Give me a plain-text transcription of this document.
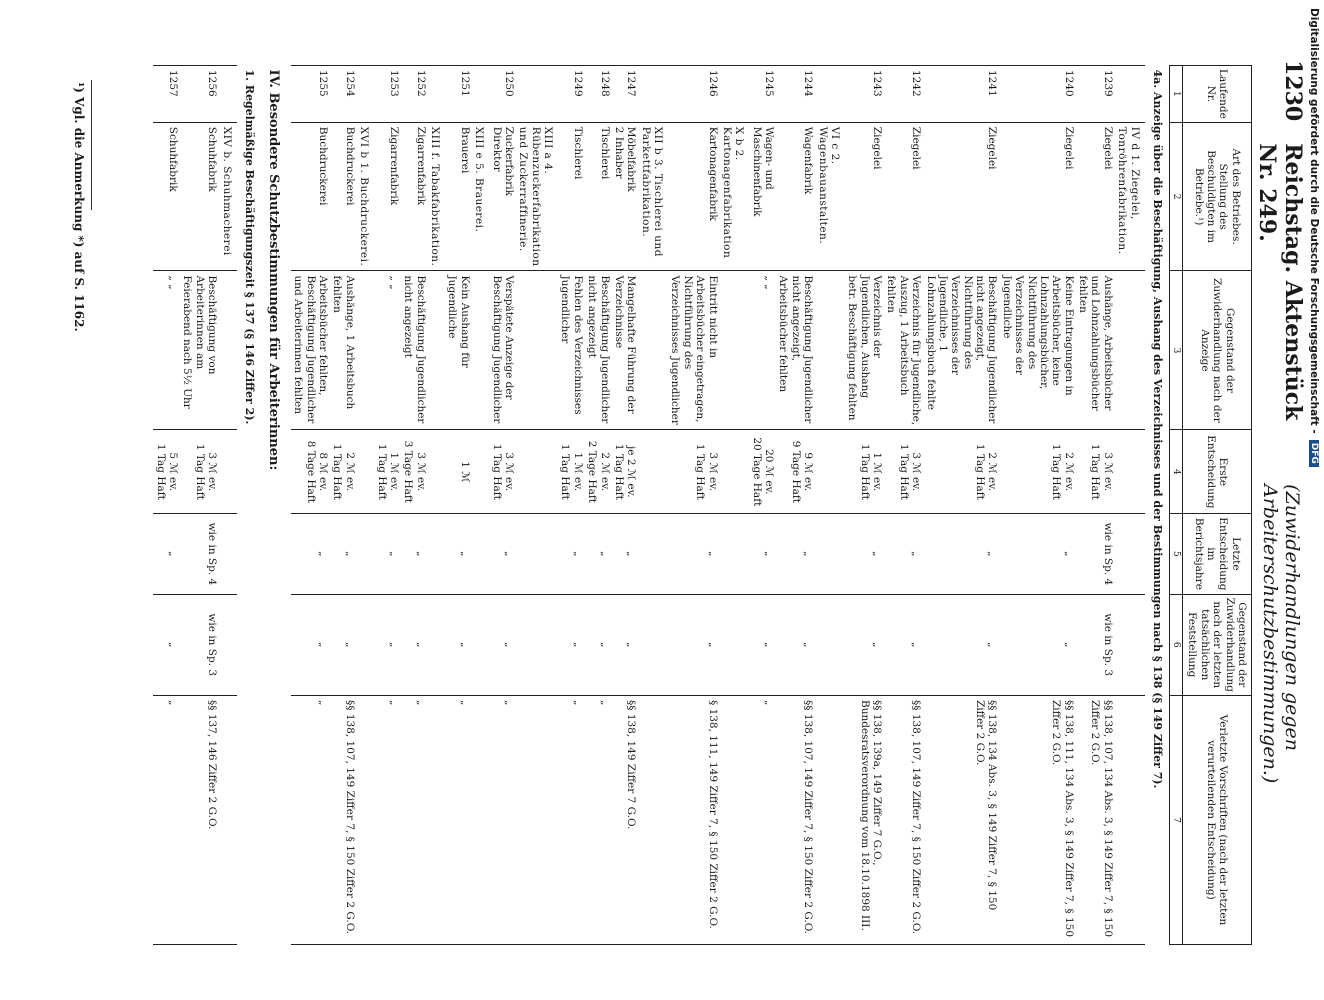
1230
Reichstag. Aktenstück Nr. 249.
(Zuwiderhandlungen gegen Arbeiterschutzbestimmungen.)
Laufende Nr.	Art des Betriebes. Stellung des Beschuldigten im Betriebe.¹)	Gegenstand der Zuwiderhandlung nach der Anzeige	Erste Entscheidung	Letzte Entscheidung im Berichtsjahre	Gegenstand der Zuwiderhandlung nach der letzten tatsächlichen Feststellung	Verletzte Vorschriften (nach der letzten verurteilenden Entscheidung)
1	2	3	4	5	6	7
4a. Anzeige über die Beschäftigung, Aushang des Verzeichnisses und der Bestimmungen nach § 138 (§ 149 Ziffer 7).						
	IV d 1. Ziegelei, Tonröhrenfabrikation.					
1239	Ziegelei	Aushänge, Arbeitsbücher und Lohnzahlungsbücher fehlten	3 ℳ ev.
1 Tag Haft	wie in Sp. 4	wie in Sp. 3	§§ 138, 107, 134 Abs. 3, § 149 Ziffer 7, § 150 Ziffer 2 G.O.
1240	Ziegelei	Keine Eintragungen in Arbeitsbücher, keine Lohnzahlungsbücher, Nichtführung des Verzeichnisses der Jugendliche	2 ℳ ev.
1 Tag Haft	„	„	§§ 138, 111, 134 Abs. 3, § 149 Ziffer 7, § 150 Ziffer 2 G.O.
1241	Ziegelei	Beschäftigung Jugendlicher nicht angezeigt, Nichtführung des Verzeichnisses der Jugendliche, 1 Lohnzahlungsbuch fehlte	2 ℳ ev.
1 Tag Haft	„	„	§§ 138, 134 Abs. 3, § 149 Ziffer 7, § 150 Ziffer 2 G.O.
1242	Ziegelei	Verzeichnis für Jugendliche, Auszug, 1 Arbeitsbuch fehlten	3 ℳ ev.
1 Tag Haft	„	„	§§ 138, 107, 149 Ziffer 7, § 150 Ziffer 2 G.O.
1243	Ziegelei	Verzeichnis der Jugendlichen, Aushang betr. Beschäftigung fehlten	1 ℳ ev.
1 Tag Haft	„	„	§§ 138, 139a, 149 Ziffer 7 G.O., Bundesratsverordnung vom 18.10.1898 III.
	VI c 2. Wagenbauanstalten.					
1244	Wagenfabrik	Beschäftigung Jugendlicher nicht angezeigt, Arbeitsbücher fehlten	9 ℳ ev.
9 Tage Haft	„	„	§§ 138, 107, 149 Ziffer 7, § 150 Ziffer 2 G.O.
1245	Wagen- und Maschinenfabrik	„ „	20 ℳ ev.
20 Tage Haft	„	„	„
	X b 2. Kartonagenfabrikation					
1246	Kartonagenfabrik	Eintritt nicht in Arbeitsbücher eingetragen, Nichtführung des Verzeichnisses Jugendlicher	3 ℳ ev.
1 Tag Haft	„	„	§ 138, 111, 149 Ziffer 7, § 150 Ziffer 2 G.O.
	XII b 3. Tischlerei und Parkettfabrikation.					
1247	Möbelfabrik
2 Inhaber	Mangelhafte Führung der Verzeichnisse	je 2 ℳ ev.
1 Tag Haft	„	„	§§ 138, 149 Ziffer 7 G.O.
1248	Tischlerei	Beschäftigung Jugendlicher nicht angezeigt	2 ℳ ev.
2 Tage Haft	„	„	„
1249	Tischlerei	Fehlen des Verzeichnisses Jugendlicher	1 ℳ ev.
1 Tag Haft	„	„	„
	XIII a 4. Rübenzuckerfabrikation und Zuckerraffinerie.					
1250	Zuckerfabrik
Direktor	Verspätete Anzeige der Beschäftigung Jugendlicher	3 ℳ ev.
1 Tag Haft	„	„	„
	XIII e 5. Brauerei.					
1251	Brauerei	Kein Aushang für Jugendliche	1 ℳ	„	„	„
	XIII f. Tabakfabrikation.					
1252	Zigarrenfabrik	Beschäftigung Jugendlicher nicht angezeigt	3 ℳ ev.
3 Tage Haft	„	„	„
1253	Zigarrenfabrik	„ „	1 ℳ ev.
1 Tag Haft	„	„	„
	XVI b 1. Buchdruckerei.					
1254	Buchdruckerei	Aushänge, 1 Arbeitsbuch fehlten	2 ℳ ev.
1 Tag Haft	„	„	§§ 138, 107, 149 Ziffer 7, § 150 Ziffer 2 G.O.
1255	Buchdruckerei	Arbeitsbücher fehlten, Beschäftigung Jugendlicher und Arbeiterinnen fehlten	8 ℳ ev.
8 Tage Haft	„	„	„
IV. Besondere Schutzbestimmungen für Arbeiterinnen:						
1. Regelmäßige Beschäftigungszeit § 137 (§ 146 Ziffer 2).						
	XIV b. Schuhmacherei					
1256	Schuhfabrik	Beschäftigung von Arbeiterinnen am Feierabend nach 5½ Uhr	3 ℳ ev.
1 Tag Haft	wie in Sp. 4	wie in Sp. 3	§§ 137, 146 Ziffer 2 G.O.
1257	Schuhfabrik	„ „	5 ℳ ev.
1 Tag Haft	„	„	„
¹) Vgl. die Anmerkung *) auf S. 1162.	Digitalisierung gefördert durch die Deutsche Forschungsgemeinschaft -
DFG
